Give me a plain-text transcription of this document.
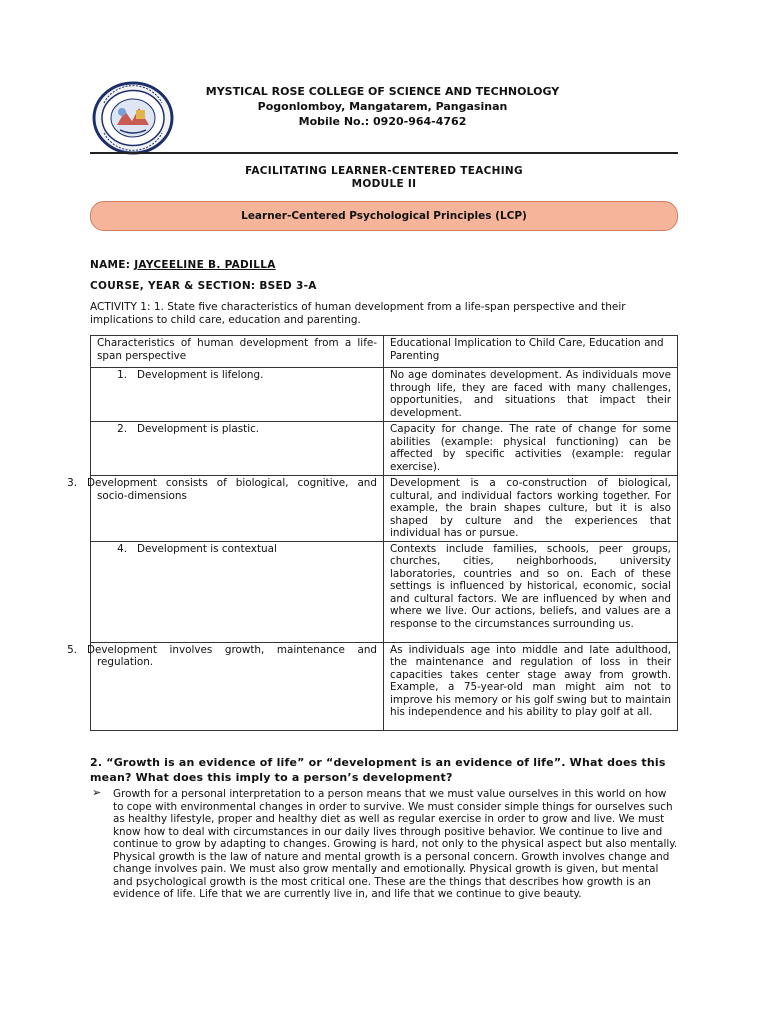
MYSTICAL ROSE COLLEGE OF SCIENCE AND TECHNOLOGY
Pogonlomboy, Mangatarem, Pangasinan
Mobile No.: 0920-964-4762
FACILITATING LEARNER-CENTERED TEACHING
MODULE II
Learner-Centered Psychological Principles (LCP)
NAME: JAYCEELINE B. PADILLA
COURSE, YEAR & SECTION: BSED 3-A
ACTIVITY 1: 1. State five characteristics of human development from a life-span perspective and their implications to child care, education and parenting.
Characteristics of human development from a life-span perspective	Educational Implication to Child Care, Education and Parenting
1. Development is lifelong.	No age dominates development. As individuals move through life, they are faced with many challenges, opportunities, and situations that impact their development.
2. Development is plastic.	Capacity for change. The rate of change for some abilities (example: physical functioning) can be affected by specific activities (example: regular exercise).
3. Development consists of biological, cognitive, and socio-dimensions	Development is a co-construction of biological, cultural, and individual factors working together. For example, the brain shapes culture, but it is also shaped by culture and the experiences that individual has or pursue.
4. Development is contextual	Contexts include families, schools, peer groups, churches, cities, neighborhoods, university laboratories, countries and so on. Each of these settings is influenced by historical, economic, social and cultural factors. We are influenced by when and where we live. Our actions, beliefs, and values are a response to the circumstances surrounding us.
5. Development involves growth, maintenance and regulation.	As individuals age into middle and late adulthood, the maintenance and regulation of loss in their capacities takes center stage away from growth. Example, a 75-year-old man might aim not to improve his memory or his golf swing but to maintain his independence and his ability to play golf at all.
2. “Growth is an evidence of life” or “development is an evidence of life”. What does this mean? What does this imply to a person’s development?
➢ Growth for a personal interpretation to a person means that we must value ourselves in this world on how to cope with environmental changes in order to survive. We must consider simple things for ourselves such as healthy lifestyle, proper and healthy diet as well as regular exercise in order to grow and live. We must know how to deal with circumstances in our daily lives through positive behavior. We continue to live and continue to grow by adapting to changes. Growing is hard, not only to the physical aspect but also mentally. Physical growth is the law of nature and mental growth is a personal concern. Growth involves change and change involves pain. We must also grow mentally and emotionally. Physical growth is given, but mental and psychological growth is the most critical one. These are the things that describes how growth is an evidence of life. Life that we are currently live in, and life that we continue to give beauty.
